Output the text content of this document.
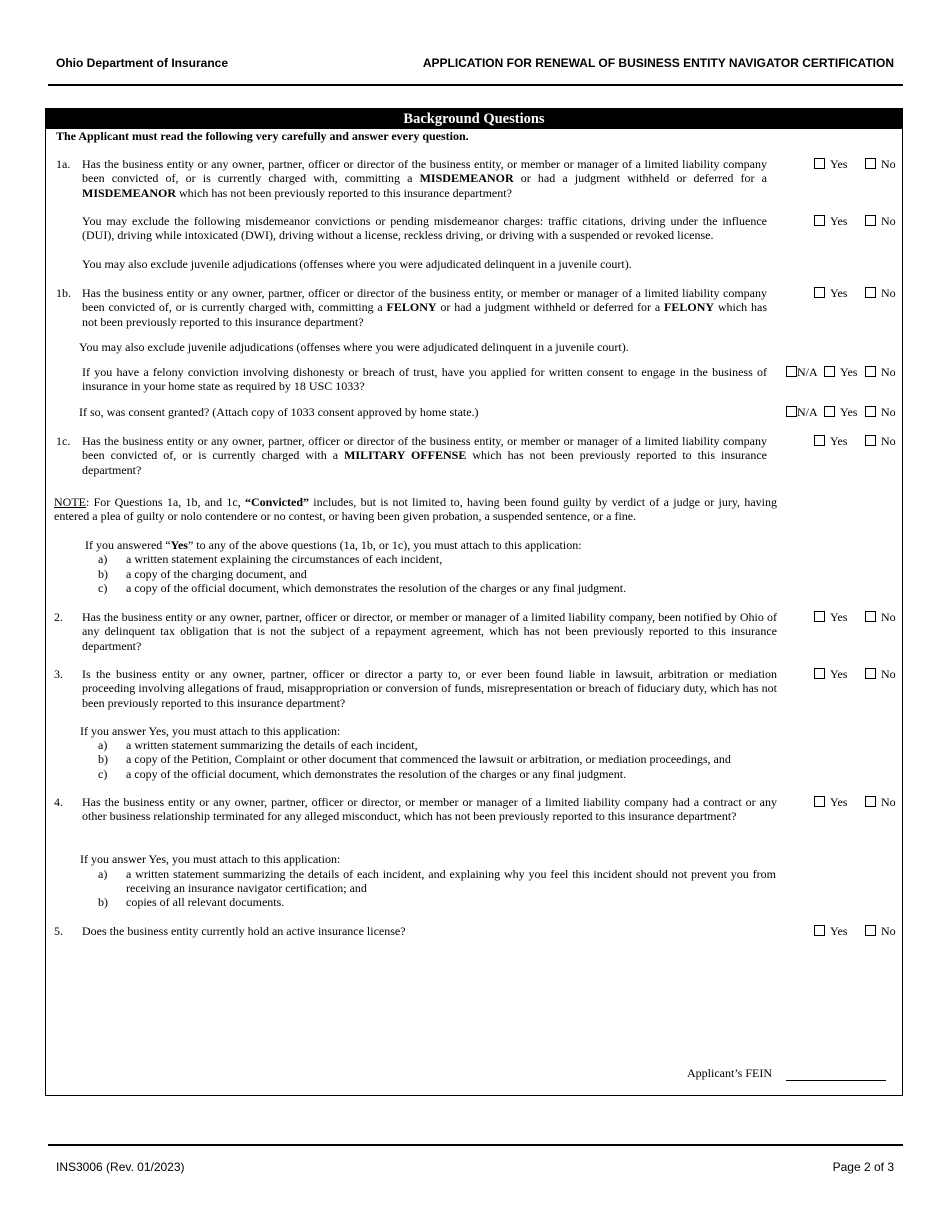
Ohio Department of Insurance	APPLICATION FOR RENEWAL OF BUSINESS ENTITY NAVIGATOR CERTIFICATION
Background Questions
The Applicant must read the following very carefully and answer every question.
1a. Has the business entity or any owner, partner, officer or director of the business entity, or member or manager of a limited liability company been convicted of, or is currently charged with, committing a MISDEMEANOR or had a judgment withheld or deferred for a MISDEMEANOR which has not been previously reported to this insurance department?
Yes	No
You may exclude the following misdemeanor convictions or pending misdemeanor charges: traffic citations, driving under the influence (DUI), driving while intoxicated (DWI), driving without a license, reckless driving, or driving with a suspended or revoked license.
Yes	No
You may also exclude juvenile adjudications (offenses where you were adjudicated delinquent in a juvenile court).
1b. Has the business entity or any owner, partner, officer or director of the business entity, or member or manager of a limited liability company been convicted of, or is currently charged with, committing a FELONY or had a judgment withheld or deferred for a FELONY which has not been previously reported to this insurance department?
Yes	No
You may also exclude juvenile adjudications (offenses where you were adjudicated delinquent in a juvenile court).
If you have a felony conviction involving dishonesty or breach of trust, have you applied for written consent to engage in the business of insurance in your home state as required by 18 USC 1033?
N/A	Yes	No
If so, was consent granted? (Attach copy of 1033 consent approved by home state.)	N/A	Yes	No
1c. Has the business entity or any owner, partner, officer or director of the business entity, or member or manager of a limited liability company been convicted of, or is currently charged with a MILITARY OFFENSE which has not been previously reported to this insurance department?
Yes	No
NOTE: For Questions 1a, 1b, and 1c, “Convicted” includes, but is not limited to, having been found guilty by verdict of a judge or jury, having entered a plea of guilty or nolo contendere or no contest, or having been given probation, a suspended sentence, or a fine.
If you answered “Yes” to any of the above questions (1a, 1b, or 1c), you must attach to this application:
a) a written statement explaining the circumstances of each incident,
b) a copy of the charging document, and
c) a copy of the official document, which demonstrates the resolution of the charges or any final judgment.
2. Has the business entity or any owner, partner, officer or director, or member or manager of a limited liability company, been notified by Ohio of any delinquent tax obligation that is not the subject of a repayment agreement, which has not been previously reported to this insurance department?
Yes	No
3. Is the business entity or any owner, partner, officer or director a party to, or ever been found liable in lawsuit, arbitration or mediation proceeding involving allegations of fraud, misappropriation or conversion of funds, misrepresentation or breach of fiduciary duty, which has not been previously reported to this insurance department?
Yes	No
If you answer Yes, you must attach to this application:
a) a written statement summarizing the details of each incident,
b) a copy of the Petition, Complaint or other document that commenced the lawsuit or arbitration, or mediation proceedings, and
c) a copy of the official document, which demonstrates the resolution of the charges or any final judgment.
4. Has the business entity or any owner, partner, officer or director, or member or manager of a limited liability company had a contract or any other business relationship terminated for any alleged misconduct, which has not been previously reported to this insurance department?
Yes	No
If you answer Yes, you must attach to this application:
a) a written statement summarizing the details of each incident, and explaining why you feel this incident should not prevent you from receiving an insurance navigator certification; and
b) copies of all relevant documents.
5. Does the business entity currently hold an active insurance license?	Yes	No
Applicant’s FEIN
INS3006 (Rev. 01/2023)	Page 2 of 3
